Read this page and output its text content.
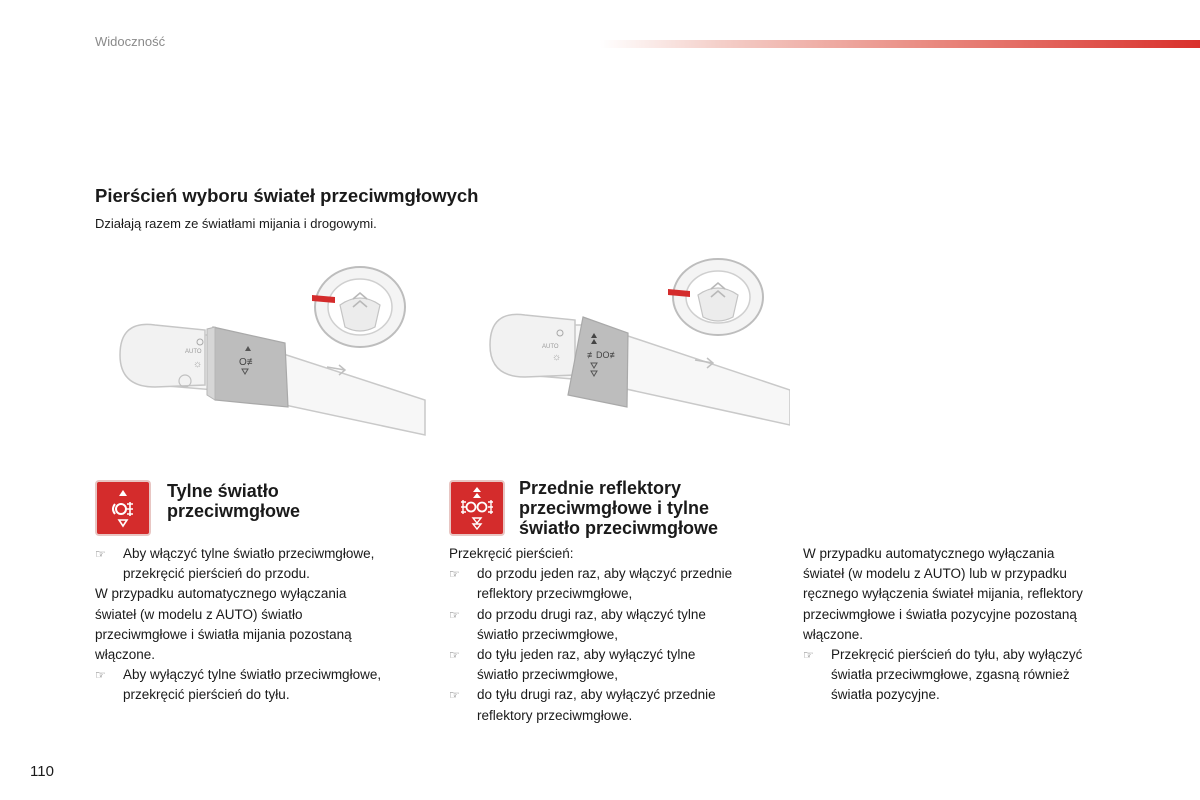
Widoczność
Pierścień wyboru świateł przeciwmgłowych
Działają razem ze światłami mijania i drogowymi.
AUTO
☼	O≢
AUTO
☼	≢DO≢
Tylne światło
przeciwmgłowe
Przednie reflektory
przeciwmgłowe i tylne
światło przeciwmgłowe
☞ Aby włączyć tylne światło przeciwmgłowe,
przekręcić pierścień do przodu.
W przypadku automatycznego wyłączania
świateł (w modelu z AUTO) światło
przeciwmgłowe i światła mijania pozostaną
włączone.
☞ Aby wyłączyć tylne światło przeciwmgłowe,
przekręcić pierścień do tyłu.
Przekręcić pierścień:
☞ do przodu jeden raz, aby włączyć przednie
reflektory przeciwmgłowe,
☞ do przodu drugi raz, aby włączyć tylne
światło przeciwmgłowe,
☞ do tyłu jeden raz, aby wyłączyć tylne
światło przeciwmgłowe,
☞ do tyłu drugi raz, aby wyłączyć przednie
reflektory przeciwmgłowe.
W przypadku automatycznego wyłączania
świateł (w modelu z AUTO) lub w przypadku
ręcznego wyłączenia świateł mijania, reflektory
przeciwmgłowe i światła pozycyjne pozostaną
włączone.
☞ Przekręcić pierścień do tyłu, aby wyłączyć
światła przeciwmgłowe, zgasną również
światła pozycyjne.
110
